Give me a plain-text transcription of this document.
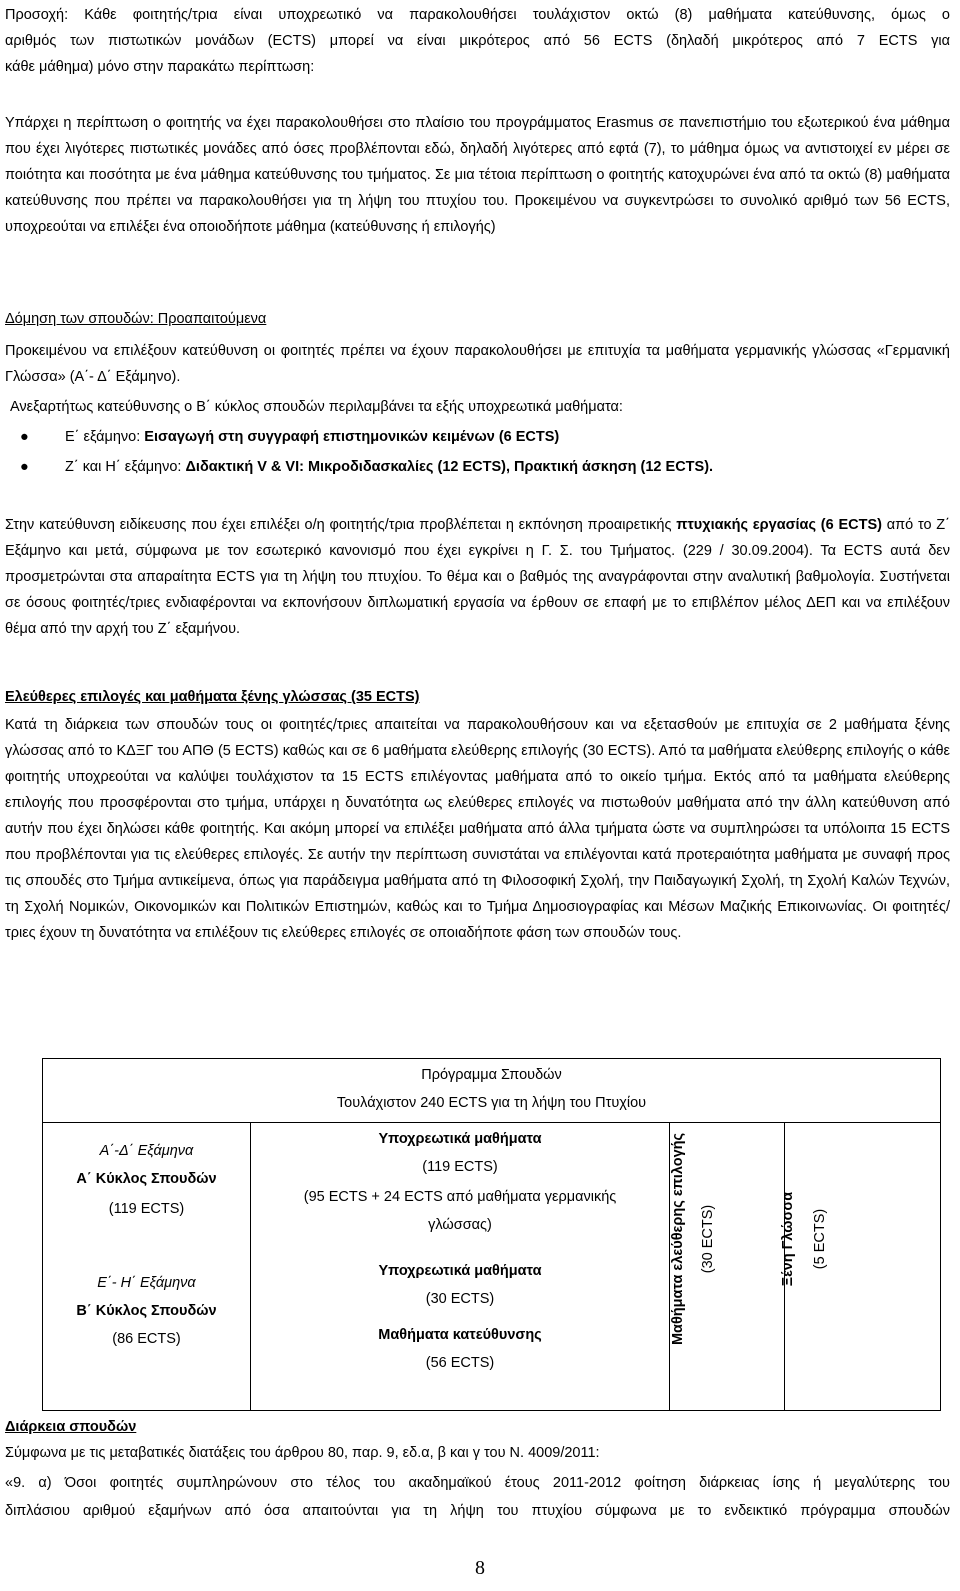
Προσοχή: Κάθε φοιτητής/τρια είναι υποχρεωτικό να παρακολουθήσει τουλάχιστον οκτώ (8) μαθήματα κατεύθυνσης, όμως ο

αριθμός των πιστωτικών μονάδων (ECTS) μπορεί να είναι μικρότερος από 56 ECTS (δηλαδή μικρότερος από 7 ECTS για

κάθε μάθημα) μόνο στην παρακάτω περίπτωση:

Υπάρχει η περίπτωση ο φοιτητής να έχει παρακολουθήσει στο πλαίσιο του προγράμματος Erasmus σε πανεπιστήμιο του εξωτερικού ένα μάθημα που έχει λιγότερες πιστωτικές μονάδες από όσες προβλέπονται εδώ, δηλαδή λιγότερες από εφτά (7), το μάθημα όμως να αντιστοιχεί εν μέρει σε ποιότητα και ποσότητα με ένα μάθημα κατεύθυνσης του τμήματος. Σε μια τέτοια περίπτωση ο φοιτητής κατοχυρώνει ένα από τα οκτώ (8) μαθήματα κατεύθυνσης που πρέπει να παρακολουθήσει για τη λήψη του πτυχίου του. Προκειμένου να συγκεντρώσει το συνολικό αριθμό των 56 ECTS, υποχρεούται να επιλέξει ένα οποιοδήποτε μάθημα (κατεύθυνσης ή επιλογής)

Δόμηση των σπουδών: Προαπαιτούμενα

Προκειμένου να επιλέξουν κατεύθυνση οι φοιτητές πρέπει να έχουν παρακολουθήσει με επιτυχία τα μαθήματα γερμανικής γλώσσας «Γερμανική Γλώσσα» (Α΄- Δ΄ Εξάμηνο).

Ανεξαρτήτως κατεύθυνσης ο Β΄ κύκλος σπουδών περιλαμβάνει τα εξής υποχρεωτικά μαθήματα:

● Ε΄ εξάμηνο: Εισαγωγή στη συγγραφή επιστημονικών κειμένων (6 ECTS)
● Ζ΄ και Η΄ εξάμηνο: Διδακτική V & VI: Μικροδιδασκαλίες (12 ECTS), Πρακτική άσκηση (12 ECTS).

Στην κατεύθυνση ειδίκευσης που έχει επιλέξει ο/η φοιτητής/τρια προβλέπεται η εκπόνηση προαιρετικής πτυχιακής εργασίας (6 ECTS) από το Ζ΄ Εξάμηνο και μετά, σύμφωνα με τον εσωτερικό κανονισμό που έχει εγκρίνει η Γ. Σ. του Τμήματος. (229 / 30.09.2004). Τα ECTS αυτά δεν προσμετρώνται στα απαραίτητα ECTS για τη λήψη του πτυχίου. Το θέμα και ο βαθμός της αναγράφονται στην αναλυτική βαθμολογία. Συστήνεται σε όσους φοιτητές/τριες ενδιαφέρονται να εκπονήσουν διπλωματική εργασία να έρθουν σε επαφή με το επιβλέπον μέλος ΔΕΠ και να επιλέξουν θέμα από την αρχή του Ζ΄ εξαμήνου.

Ελεύθερες επιλογές και μαθήματα ξένης γλώσσας (35 ECTS)

Κατά τη διάρκεια των σπουδών τους οι φοιτητές/τριες απαιτείται να παρακολουθήσουν και να εξετασθούν με επιτυχία σε 2 μαθήματα ξένης γλώσσας από το ΚΔΞΓ του ΑΠΘ (5 ECTS) καθώς και σε 6 μαθήματα ελεύθερης επιλογής (30 ECTS). Από τα μαθήματα ελεύθερης επιλογής ο κάθε φοιτητής υποχρεούται να καλύψει τουλάχιστον τα 15 ECTS επιλέγοντας μαθήματα από το οικείο τμήμα. Εκτός από τα μαθήματα ελεύθερης επιλογής που προσφέρονται στο τμήμα, υπάρχει η δυνατότητα ως ελεύθερες επιλογές να πιστωθούν μαθήματα από την άλλη κατεύθυνση από αυτήν που έχει δηλώσει κάθε φοιτητής. Και ακόμη μπορεί να επιλέξει μαθήματα από άλλα τμήματα ώστε να συμπληρώσει τα υπόλοιπα 15 ECTS που προβλέπονται για τις ελεύθερες επιλογές. Σε αυτήν την περίπτωση συνιστάται να επιλέγονται κατά προτεραιότητα μαθήματα με συναφή προς τις σπουδές στο Τμήμα αντικείμενα, όπως για παράδειγμα μαθήματα από τη Φιλοσοφική Σχολή, την Παιδαγωγική Σχολή, τη Σχολή Καλών Τεχνών, τη Σχολή Νομικών, Οικονομικών και Πολιτικών Επιστημών, καθώς και το Τμήμα Δημοσιογραφίας και Μέσων Μαζικής Επικοινωνίας. Οι φοιτητές/τριες έχουν τη δυνατότητα να επιλέξουν τις ελεύθερες επιλογές σε οποιαδήποτε φάση των σπουδών τους.

Πρόγραμμα Σπουδών
Τουλάχιστον 240 ECTS για τη λήψη του Πτυχίου
Α΄-Δ΄ Εξάμηνα
Α΄ Κύκλος Σπουδών
(119 ECTS)
Ε΄- Η΄ Εξάμηνα
Β΄ Κύκλος Σπουδών
(86 ECTS)
Υποχρεωτικά μαθήματα
(119 ECTS)
(95 ECTS + 24 ECTS από μαθήματα γερμανικής
γλώσσας)
Υποχρεωτικά μαθήματα
(30 ECTS)
Μαθήματα κατεύθυνσης
(56 ECTS)
Μαθήματα ελεύθερης επιλογής (30 ECTS)	Ξένη Γλώσσα	(5 ECTS)

Διάρκεια σπουδών

Σύμφωνα με τις μεταβατικές διατάξεις του άρθρου 80, παρ. 9, εδ.α, β και γ του Ν. 4009/2011:

«9. α) Όσοι φοιτητές συμπληρώνουν στο τέλος του ακαδημαϊκού έτους 2011-2012 φοίτηση διάρκειας ίσης ή μεγαλύτερης του

διπλάσιου αριθμού εξαμήνων από όσα απαιτούνται για τη λήψη του πτυχίου σύμφωνα με το ενδεικτικό πρόγραμμα σπουδών

8
